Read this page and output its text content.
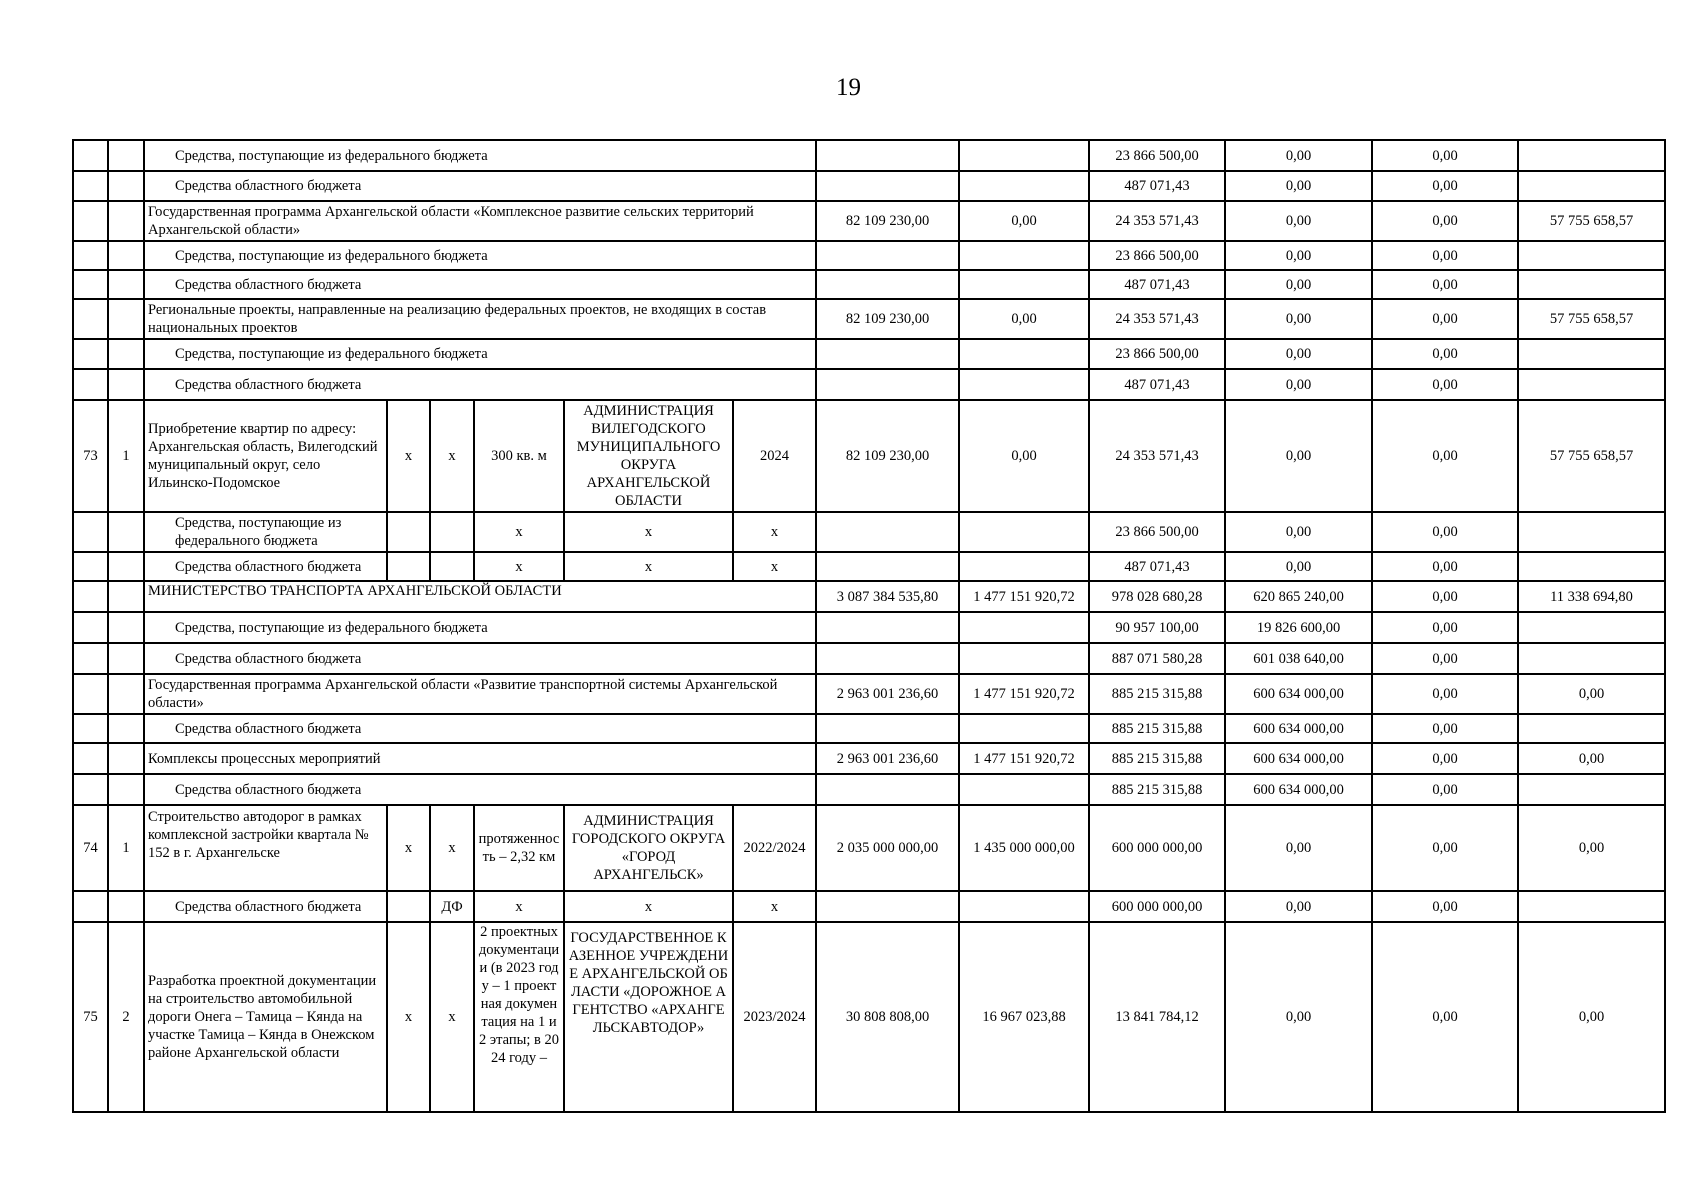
19
		Средства, поступающие из федерального бюджета								23 866 500,00	0,00	0,00	
		Средства областного бюджета								487 071,43	0,00	0,00	
		Государственная программа Архангельской области «Комплексное развитие сельских территорий Архангельской области»						82 109 230,00	0,00	24 353 571,43	0,00	0,00	57 755 658,57
		Средства, поступающие из федерального бюджета								23 866 500,00	0,00	0,00	
		Средства областного бюджета								487 071,43	0,00	0,00	
		Региональные проекты, направленные на реализацию федеральных проектов, не входящих в состав национальных проектов						82 109 230,00	0,00	24 353 571,43	0,00	0,00	57 755 658,57
		Средства, поступающие из федерального бюджета								23 866 500,00	0,00	0,00	
		Средства областного бюджета								487 071,43	0,00	0,00	
73	1	Приобретение квартир по адресу: Архангельская область, Вилегодский муниципальный округ, село Ильинско-Подомское	х	х	300 кв. м	АДМИНИСТРАЦИЯ ВИЛЕГОДСКОГО МУНИЦИПАЛЬНОГО ОКРУГА АРХАНГЕЛЬСКОЙ ОБЛАСТИ	2024	82 109 230,00	0,00	24 353 571,43	0,00	0,00	57 755 658,57
		Средства, поступающие из федерального бюджета			х	х	х			23 866 500,00	0,00	0,00	
		Средства областного бюджета			х	х	х			487 071,43	0,00	0,00	
		МИНИСТЕРСТВО ТРАНСПОРТА АРХАНГЕЛЬСКОЙ ОБЛАСТИ						3 087 384 535,80	1 477 151 920,72	978 028 680,28	620 865 240,00	0,00	11 338 694,80
		Средства, поступающие из федерального бюджета								90 957 100,00	19 826 600,00	0,00	
		Средства областного бюджета								887 071 580,28	601 038 640,00	0,00	
		Государственная программа Архангельской области «Развитие транспортной системы Архангельской области»						2 963 001 236,60	1 477 151 920,72	885 215 315,88	600 634 000,00	0,00	0,00
		Средства областного бюджета								885 215 315,88	600 634 000,00	0,00	
		Комплексы процессных мероприятий						2 963 001 236,60	1 477 151 920,72	885 215 315,88	600 634 000,00	0,00	0,00
		Средства областного бюджета								885 215 315,88	600 634 000,00	0,00	
74	1	Строительство автодорог в рамках комплексной застройки квартала № 152 в г. Архангельске	х	х	протяженность – 2,32 км	АДМИНИСТРАЦИЯ ГОРОДСКОГО ОКРУГА «ГОРОД АРХАНГЕЛЬСК»	2022/2024	2 035 000 000,00	1 435 000 000,00	600 000 000,00	0,00	0,00	0,00
		Средства областного бюджета		ДФ	х	х	х			600 000 000,00	0,00	0,00	
75	2	Разработка проектной документации на строительство автомобильной дороги Онега – Тамица – Кянда на участке Тамица – Кянда в Онежском районе Архангельской области	х	х	2 проектных документации (в 2023 году – 1 проектная документация на 1 и 2 этапы; в 2024 году –	ГОСУДАРСТВЕННОЕ КАЗЕННОЕ УЧРЕЖДЕНИЕ АРХАНГЕЛЬСКОЙ ОБЛАСТИ «ДОРОЖНОЕ АГЕНТСТВО «АРХАНГЕЛЬСКАВТОДОР»	2023/2024	30 808 808,00	16 967 023,88	13 841 784,12	0,00	0,00	0,00
